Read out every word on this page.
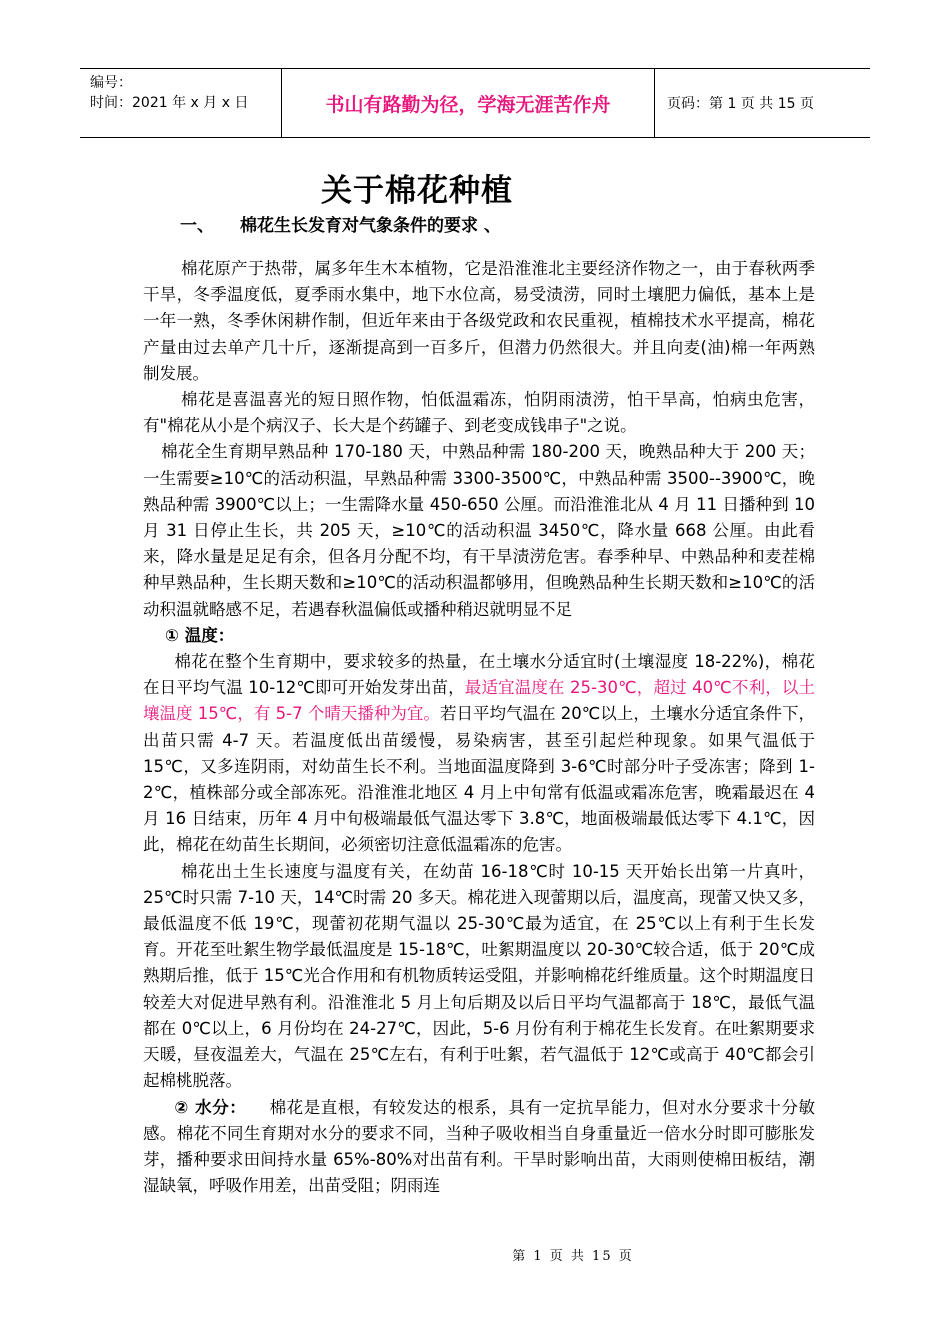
编号：
时间：2021 年 x 月 x 日	书山有路勤为径，学海无涯苦作舟	页码：第 1 页 共 15 页
关于棉花种植
一、 棉花生长发育对气象条件的要求 、

棉花原产于热带，属多年生木本植物，它是沿淮淮北主要经济作物之一，由于春秋两季干旱，冬季温度低，夏季雨水集中，地下水位高，易受渍涝，同时土壤肥力偏低，基本上是一年一熟，冬季休闲耕作制，但近年来由于各级党政和农民重视，植棉技术水平提高，棉花产量由过去单产几十斤，逐渐提高到一百多斤，但潜力仍然很大。并且向麦(油)棉一年两熟制发展。

棉花是喜温喜光的短日照作物，怕低温霜冻，怕阴雨渍涝，怕干旱高，怕病虫危害，有"棉花从小是个病汉子、长大是个药罐子、到老变成钱串子"之说。

棉花全生育期早熟品种 170-180 天，中熟品种需 180-200 天，晚熟品种大于 200 天；一生需要≥10℃的活动积温，早熟品种需 3300-3500℃，中熟品种需 3500--3900℃，晚熟品种需 3900℃以上；一生需降水量 450-650 公厘。而沿淮淮北从 4 月 11 日播种到 10 月 31 日停止生长，共 205 天，≥10℃的活动积温 3450℃，降水量 668 公厘。由此看来，降水量是足足有余，但各月分配不均，有干旱渍涝危害。春季种早、中熟品种和麦茬棉种早熟品种，生长期天数和≥10℃的活动积温都够用，但晚熟品种生长期天数和≥10℃的活动积温就略感不足，若遇春秋温偏低或播种稍迟就明显不足

① 温度：

棉花在整个生育期中，要求较多的热量，在土壤水分适宜时(土壤湿度 18-22%)，棉花在日平均气温 10-12℃即可开始发芽出苗，最适宜温度在 25-30℃，超过 40℃不利，以土壤温度 15℃，有 5-7 个晴天播种为宜。若日平均气温在 20℃以上，土壤水分适宜条件下，出苗只需 4-7 天。若温度低出苗缓慢，易染病害，甚至引起烂种现象。如果气温低于 15℃，又多连阴雨，对幼苗生长不利。当地面温度降到 3-6℃时部分叶子受冻害；降到 1-2℃，植株部分或全部冻死。沿淮淮北地区 4 月上中旬常有低温或霜冻危害，晚霜最迟在 4 月 16 日结束，历年 4 月中旬极端最低气温达零下 3.8℃，地面极端最低达零下 4.1℃，因此，棉花在幼苗生长期间，必须密切注意低温霜冻的危害。

棉花出土生长速度与温度有关，在幼苗 16-18℃时 10-15 天开始长出第一片真叶，25℃时只需 7-10 天，14℃时需 20 多天。棉花进入现蕾期以后，温度高，现蕾又快又多，最低温度不低 19℃，现蕾初花期气温以 25-30℃最为适宜，在 25℃以上有利于生长发育。开花至吐絮生物学最低温度是 15-18℃，吐絮期温度以 20-30℃较合适，低于 20℃成熟期后推，低于 15℃光合作用和有机物质转运受阻，并影响棉花纤维质量。这个时期温度日较差大对促进早熟有利。沿淮淮北 5 月上旬后期及以后日平均气温都高于 18℃，最低气温都在 0℃以上，6 月份均在 24-27℃，因此，5-6 月份有利于棉花生长发育。在吐絮期要求天暖，昼夜温差大，气温在 25℃左右，有利于吐絮，若气温低于 12℃或高于 40℃都会引起棉桃脱落。

② 水分： 棉花是直根，有较发达的根系，具有一定抗旱能力，但对水分要求十分敏感。棉花不同生育期对水分的要求不同，当种子吸收相当自身重量近一倍水分时即可膨胀发芽，播种要求田间持水量 65%-80%对出苗有利。干旱时影响出苗，大雨则使棉田板结，潮湿缺氧，呼吸作用差，出苗受阻；阴雨连

第 1 页 共 15 页
